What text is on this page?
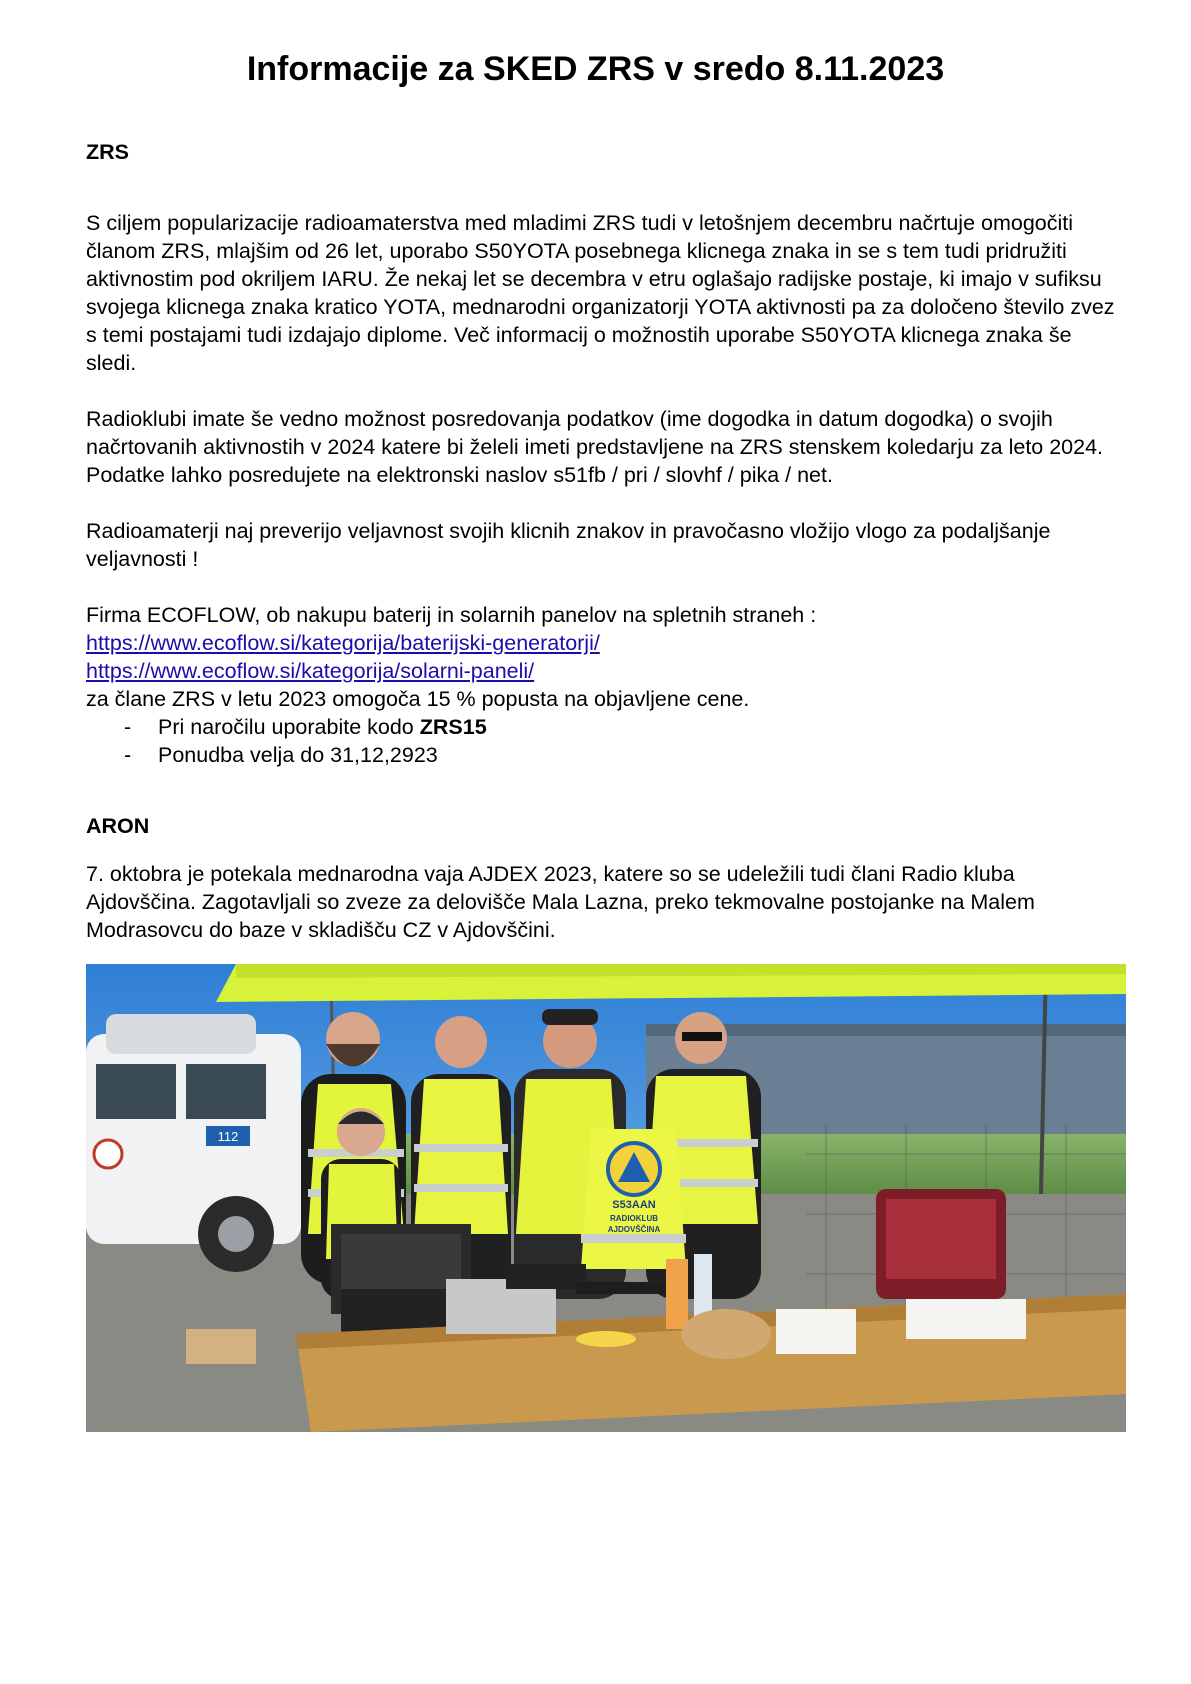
Informacije za SKED ZRS v sredo 8.11.2023
ZRS

S ciljem popularizacije radioamaterstva med mladimi ZRS tudi v letošnjem decembru načrtuje omogočiti članom ZRS, mlajšim od 26 let, uporabo S50YOTA posebnega klicnega znaka in se s tem tudi pridružiti aktivnostim pod okriljem IARU. Že nekaj let se decembra v etru oglašajo radijske postaje, ki imajo v sufiksu svojega klicnega znaka kratico YOTA, mednarodni organizatorji YOTA aktivnosti pa za določeno število zvez s temi postajami tudi izdajajo diplome. Več informacij o možnostih uporabe S50YOTA klicnega znaka še sledi.

Radioklubi imate še vedno možnost posredovanja podatkov (ime dogodka in datum dogodka) o svojih načrtovanih aktivnostih v 2024 katere bi želeli imeti predstavljene na ZRS stenskem koledarju za leto 2024. Podatke lahko posredujete na elektronski naslov s51fb / pri / slovhf / pika / net.

Radioamaterji naj preverijo veljavnost svojih klicnih znakov in pravočasno vložijo vlogo za podaljšanje veljavnosti !

Firma ECOFLOW, ob nakupu baterij in solarnih panelov na spletnih straneh :

https://www.ecoflow.si/kategorija/baterijski-generatorji/
https://www.ecoflow.si/kategorija/solarni-paneli/

za člane ZRS v letu 2023 omogoča 15 % popusta na objavljene cene.

- Pri naročilu uporabite kodo ZRS15
- Ponudba velja do 31,12,2923
ARON

7. oktobra je potekala mednarodna vaja AJDEX 2023, katere so se udeležili tudi člani Radio kluba Ajdovščina. Zagotavljali so zveze za delovišče Mala Lazna, preko tekmovalne postojanke na Malem Modrasovcu do baze v skladišču CZ v Ajdovščini.

112
S53AAN
RADIOKLUB
AJDOVŠČINA
